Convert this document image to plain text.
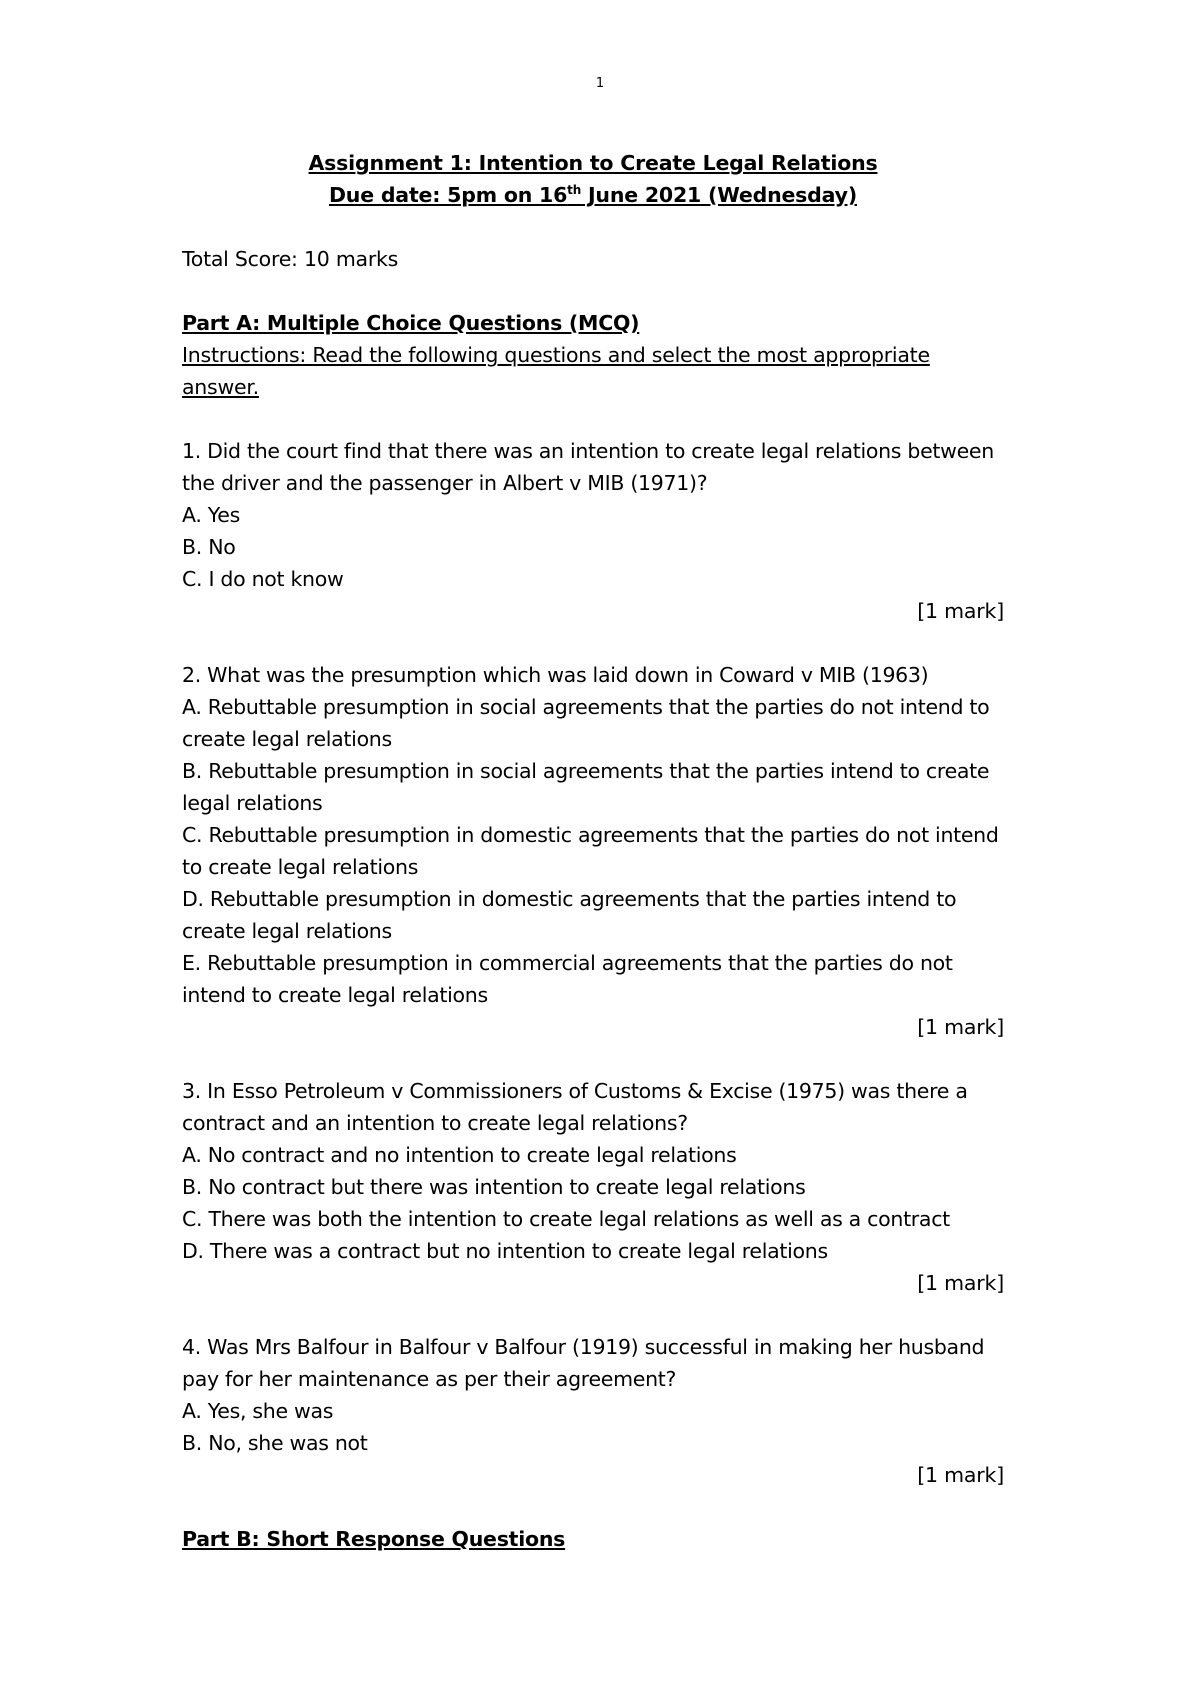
1

Assignment 1: Intention to Create Legal Relations
Due date: 5pm on 16th June 2021 (Wednesday)

Total Score: 10 marks

Part A: Multiple Choice Questions (MCQ)

Instructions: Read the following questions and select the most appropriate answer.

1. Did the court find that there was an intention to create legal relations between the driver and the passenger in Albert v MIB (1971)?

A. Yes

B. No

C. I do not know

[1 mark]

2. What was the presumption which was laid down in Coward v MIB (1963)

A. Rebuttable presumption in social agreements that the parties do not intend to create legal relations

B. Rebuttable presumption in social agreements that the parties intend to create legal relations

C. Rebuttable presumption in domestic agreements that the parties do not intend to create legal relations

D. Rebuttable presumption in domestic agreements that the parties intend to create legal relations

E. Rebuttable presumption in commercial agreements that the parties do not intend to create legal relations

[1 mark]

3. In Esso Petroleum v Commissioners of Customs & Excise (1975) was there a contract and an intention to create legal relations?

A. No contract and no intention to create legal relations

B. No contract but there was intention to create legal relations

C. There was both the intention to create legal relations as well as a contract

D. There was a contract but no intention to create legal relations

[1 mark]

4. Was Mrs Balfour in Balfour v Balfour (1919) successful in making her husband pay for her maintenance as per their agreement?

A. Yes, she was

B. No, she was not

[1 mark]

Part B: Short Response Questions
